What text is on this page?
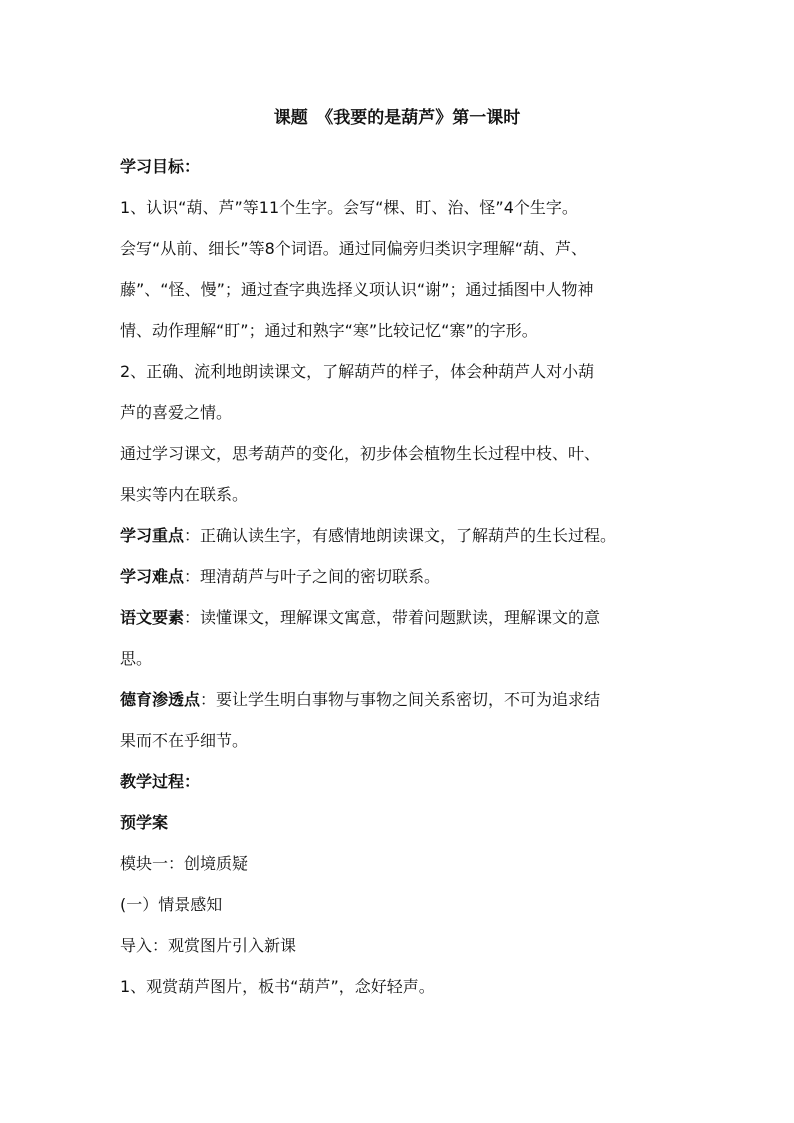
课题　《我要的是葫芦》第一课时
学习目标：
1、认识“葫、芦”等11个生字。会写“棵、盯、治、怪”4个生字。
会写“从前、细长”等8个词语。通过同偏旁归类识字理解“葫、芦、
藤”、“怪、慢”；通过查字典选择义项认识“谢”；通过插图中人物神
情、动作理解“盯”；通过和熟字“寒”比较记忆“寨”的字形。
2、正确、流利地朗读课文，了解葫芦的样子，体会种葫芦人对小葫
芦的喜爱之情。
通过学习课文，思考葫芦的变化，初步体会植物生长过程中枝、叶、
果实等内在联系。
学习重点：正确认读生字，有感情地朗读课文，了解葫芦的生长过程。
学习难点：理清葫芦与叶子之间的密切联系。
语文要素：读懂课文，理解课文寓意，带着问题默读，理解课文的意
思。
德育渗透点：要让学生明白事物与事物之间关系密切，不可为追求结
果而不在乎细节。
教学过程：
预学案
模块一：创境质疑
(一）情景感知
导入：观赏图片引入新课
1、观赏葫芦图片，板书“葫芦”，念好轻声。
